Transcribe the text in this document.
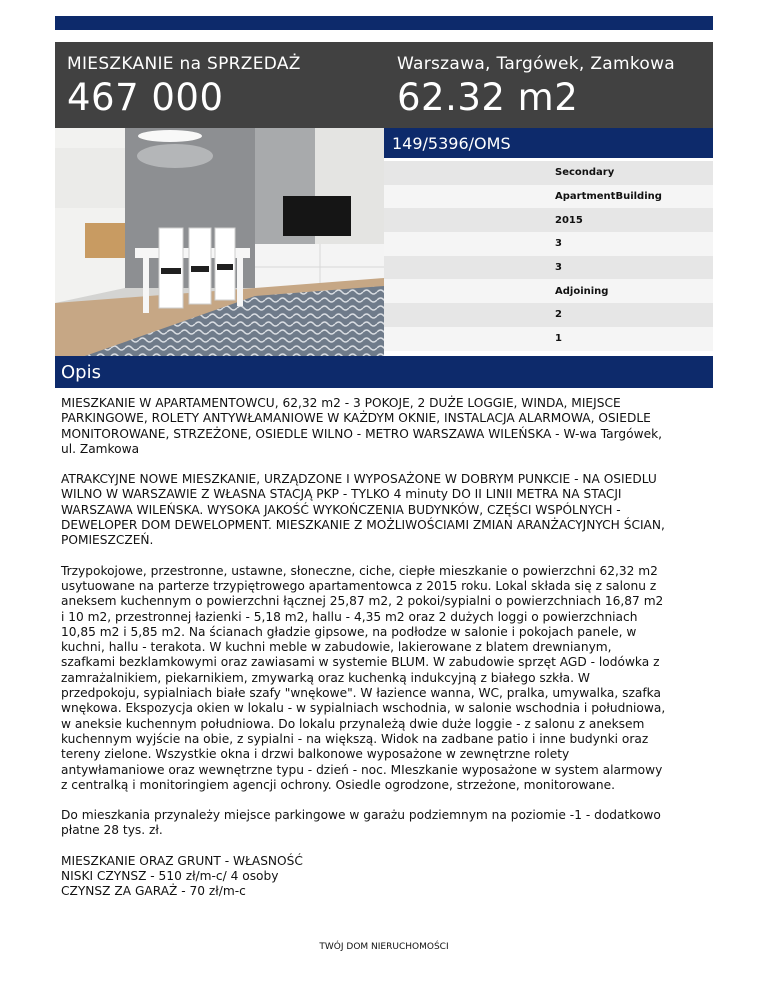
MIESZKANIE na SPRZEDAŻ
467 000
Warszawa, Targówek, Zamkowa
62.32 m2
149/5396/OMS
Secondary
ApartmentBuilding
2015
3
3
Adjoining
2
1
Opis

MIESZKANIE W APARTAMENTOWCU, 62,32 m2 - 3 POKOJE, 2 DUŻE LOGGIE, WINDA, MIEJSCE
PARKINGOWE, ROLETY ANTYWŁAMANIOWE W KAŻDYM OKNIE, INSTALACJA ALARMOWA, OSIEDLE
MONITOROWANE, STRZEŻONE, OSIEDLE WILNO - METRO WARSZAWA WILEŃSKA - W-wa Targówek,
ul. Zamkowa

ATRAKCYJNE NOWE MIESZKANIE, URZĄDZONE I WYPOSAŻONE W DOBRYM PUNKCIE - NA OSIEDLU
WILNO W WARSZAWIE Z WŁASNA STACJĄ PKP - TYLKO 4 minuty DO II LINII METRA NA STACJI
WARSZAWA WILEŃSKA. WYSOKA JAKOŚĆ WYKOŃCZENIA BUDYNKÓW, CZĘŚCI WSPÓLNYCH -
DEWELOPER DOM DEWELOPMENT. MIESZKANIE Z MOŻLIWOŚCIAMI ZMIAN ARANŻACYJNYCH ŚCIAN,
POMIESZCZEŃ.

Trzypokojowe, przestronne, ustawne, słoneczne, ciche, ciepłe mieszkanie o powierzchni 62,32 m2
usytuowane na parterze trzypiętrowego apartamentowca z 2015 roku. Lokal składa się z salonu z
aneksem kuchennym o powierzchni łącznej 25,87 m2, 2 pokoi/sypialni o powierzchniach 16,87 m2
i 10 m2, przestronnej łazienki - 5,18 m2, hallu - 4,35 m2 oraz 2 dużych loggi o powierzchniach
10,85 m2 i 5,85 m2. Na ścianach gładzie gipsowe, na podłodze w salonie i pokojach panele, w
kuchni, hallu - terakota. W kuchni meble w zabudowie, lakierowane z blatem drewnianym,
szafkami bezklamkowymi oraz zawiasami w systemie BLUM. W zabudowie sprzęt AGD - lodówka z
zamrażalnikiem, piekarnikiem, zmywarką oraz kuchenką indukcyjną z białego szkła. W
przedpokoju, sypialniach białe szafy "wnękowe". W łazience wanna, WC, pralka, umywalka, szafka
wnękowa. Ekspozycja okien w lokalu - w sypialniach wschodnia, w salonie wschodnia i południowa,
w aneksie kuchennym południowa. Do lokalu przynależą dwie duże loggie - z salonu z aneksem
kuchennym wyjście na obie, z sypialni - na większą. Widok na zadbane patio i inne budynki oraz
tereny zielone. Wszystkie okna i drzwi balkonowe wyposażone w zewnętrzne rolety
antywłamaniowe oraz wewnętrzne typu - dzień - noc. MIeszkanie wyposażone w system alarmowy
z centralką i monitoringiem agencji ochrony. Osiedle ogrodzone, strzeżone, monitorowane.

Do mieszkania przynależy miejsce parkingowe w garażu podziemnym na poziomie -1 - dodatkowo
płatne 28 tys. zł.

MIESZKANIE ORAZ GRUNT - WŁASNOŚĆ
NISKI CZYNSZ - 510 zł/m-c/ 4 osoby
CZYNSZ ZA GARAŻ - 70 zł/m-c

TWÓJ DOM NIERUCHOMOŚCI
